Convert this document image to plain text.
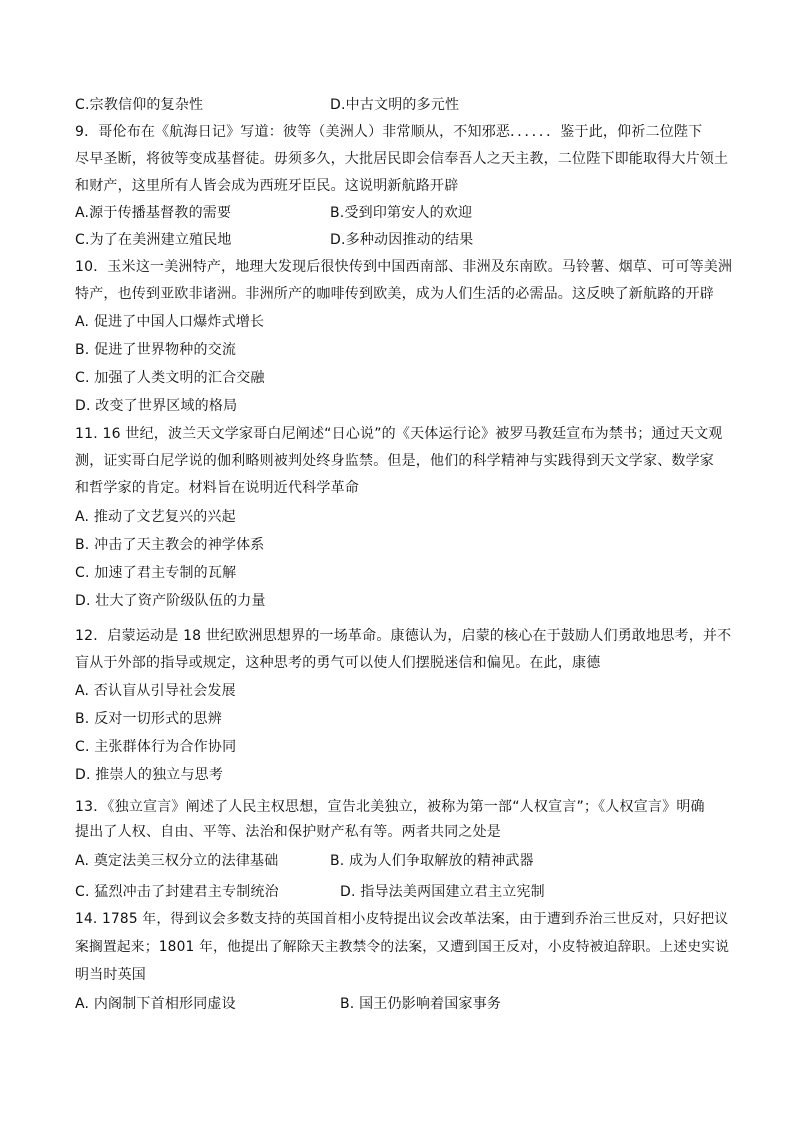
C.宗教信仰的复杂性	D.中古文明的多元性
9．哥伦布在《航海日记》写道：彼等（美洲人）非常顺从，不知邪恶．．．．．．鉴于此，仰祈二位陛下
尽早圣断，将彼等变成基督徒。毋须多久，大批居民即会信奉吾人之天主教，二位陛下即能取得大片领土
和财产，这里所有人皆会成为西班牙臣民。这说明新航路开辟
A.源于传播基督教的需要	B.受到印第安人的欢迎
C.为了在美洲建立殖民地	D.多种动因推动的结果
10．玉米这一美洲特产，地理大发现后很快传到中国西南部、非洲及东南欧。马铃薯、烟草、可可等美洲
特产，也传到亚欧非诸洲。非洲所产的咖啡传到欧美，成为人们生活的必需品。这反映了新航路的开辟
A. 促进了中国人口爆炸式增长
B. 促进了世界物种的交流
C. 加强了人类文明的汇合交融
D. 改变了世界区域的格局
11. 16 世纪，波兰天文学家哥白尼阐述“日心说”的《天体运行论》被罗马教廷宣布为禁书；通过天文观
测，证实哥白尼学说的伽利略则被判处终身监禁。但是，他们的科学精神与实践得到天文学家、数学家
和哲学家的肯定。材料旨在说明近代科学革命
A. 推动了文艺复兴的兴起
B. 冲击了天主教会的神学体系
C. 加速了君主专制的瓦解
D. 壮大了资产阶级队伍的力量
12．启蒙运动是 18 世纪欧洲思想界的一场革命。康德认为，启蒙的核心在于鼓励人们勇敢地思考，并不
盲从于外部的指导或规定，这种思考的勇气可以使人们摆脱迷信和偏见。在此，康德
A. 否认盲从引导社会发展
B. 反对一切形式的思辨
C. 主张群体行为合作协同
D. 推崇人的独立与思考
13．《独立宣言》阐述了人民主权思想，宣告北美独立，被称为第一部“人权宣言”；《人权宣言》明确
提出了人权、自由、平等、法治和保护财产私有等。两者共同之处是
A. 奠定法美三权分立的法律基础	B. 成为人们争取解放的精神武器
C. 猛烈冲击了封建君主专制统治	D. 指导法美两国建立君主立宪制
14. 1785 年，得到议会多数支持的英国首相小皮特提出议会改革法案，由于遭到乔治三世反对，只好把议
案搁置起来；1801 年，他提出了解除天主教禁令的法案，又遭到国王反对，小皮特被迫辞职。上述史实说
明当时英国
A. 内阁制下首相形同虚设	B. 国王仍影响着国家事务
